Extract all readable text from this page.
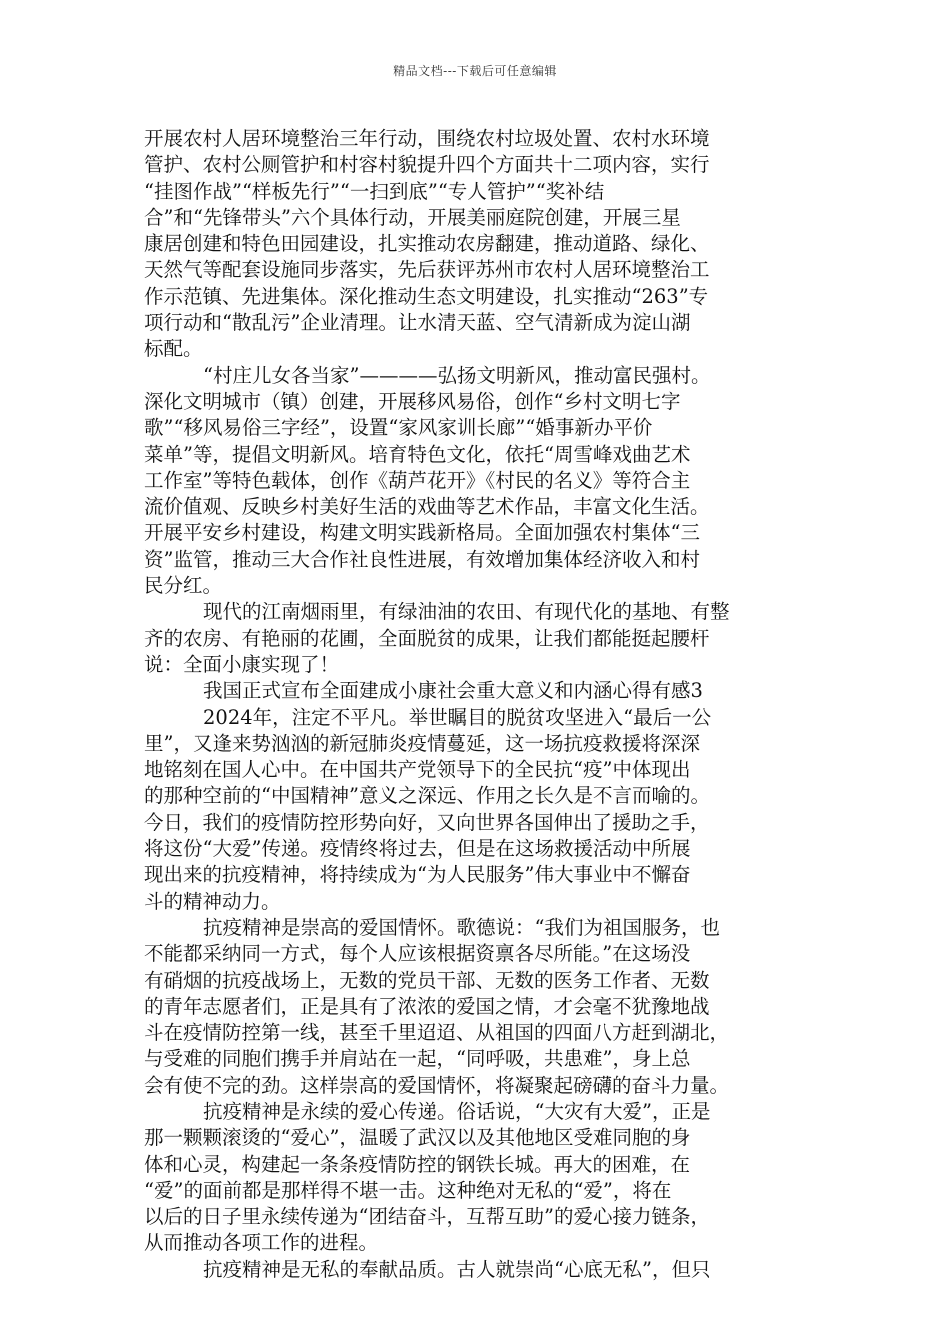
精品文档---下载后可任意编辑
开展农村人居环境整治三年行动，围绕农村垃圾处置、农村水环境
管护、农村公厕管护和村容村貌提升四个方面共十二项内容，实行
“挂图作战”“样板先行”“一扫到底”“专人管护”“奖补结
合”和“先锋带头”六个具体行动，开展美丽庭院创建，开展三星
康居创建和特色田园建设，扎实推动农房翻建，推动道路、绿化、
天然气等配套设施同步落实，先后获评苏州市农村人居环境整治工
作示范镇、先进集体。深化推动生态文明建设，扎实推动“263”专
项行动和“散乱污”企业清理。让水清天蓝、空气清新成为淀山湖
标配。
“村庄儿女各当家”————弘扬文明新风，推动富民强村。
深化文明城市（镇）创建，开展移风易俗，创作“乡村文明七字
歌”“移风易俗三字经”，设置“家风家训长廊”“婚事新办平价
菜单”等，提倡文明新风。培育特色文化，依托“周雪峰戏曲艺术
工作室”等特色载体，创作《葫芦花开》《村民的名义》等符合主
流价值观、反映乡村美好生活的戏曲等艺术作品，丰富文化生活。
开展平安乡村建设，构建文明实践新格局。全面加强农村集体“三
资”监管，推动三大合作社良性进展，有效增加集体经济收入和村
民分红。
现代的江南烟雨里，有绿油油的农田、有现代化的基地、有整
齐的农房、有艳丽的花圃，全面脱贫的成果，让我们都能挺起腰杆
说：全面小康实现了！
我国正式宣布全面建成小康社会重大意义和内涵心得有感3
2024年，注定不平凡。举世瞩目的脱贫攻坚进入“最后一公
里”，又逢来势汹汹的新冠肺炎疫情蔓延，这一场抗疫救援将深深
地铭刻在国人心中。在中国共产党领导下的全民抗“疫”中体现出
的那种空前的“中国精神”意义之深远、作用之长久是不言而喻的。
今日，我们的疫情防控形势向好，又向世界各国伸出了援助之手，
将这份“大爱”传递。疫情终将过去，但是在这场救援活动中所展
现出来的抗疫精神，将持续成为“为人民服务”伟大事业中不懈奋
斗的精神动力。
抗疫精神是崇高的爱国情怀。歌德说：“我们为祖国服务，也
不能都采纳同一方式，每个人应该根据资禀各尽所能。”在这场没
有硝烟的抗疫战场上，无数的党员干部、无数的医务工作者、无数
的青年志愿者们，正是具有了浓浓的爱国之情，才会毫不犹豫地战
斗在疫情防控第一线，甚至千里迢迢、从祖国的四面八方赶到湖北，
与受难的同胞们携手并肩站在一起，“同呼吸，共患难”，身上总
会有使不完的劲。这样崇高的爱国情怀，将凝聚起磅礴的奋斗力量。
抗疫精神是永续的爱心传递。俗话说，“大灾有大爱”，正是
那一颗颗滚烫的“爱心”，温暖了武汉以及其他地区受难同胞的身
体和心灵，构建起一条条疫情防控的钢铁长城。再大的困难，在
“爱”的面前都是那样得不堪一击。这种绝对无私的“爱”，将在
以后的日子里永续传递为“团结奋斗，互帮互助”的爱心接力链条，
从而推动各项工作的进程。
抗疫精神是无私的奉献品质。古人就崇尚“心底无私”，但只
